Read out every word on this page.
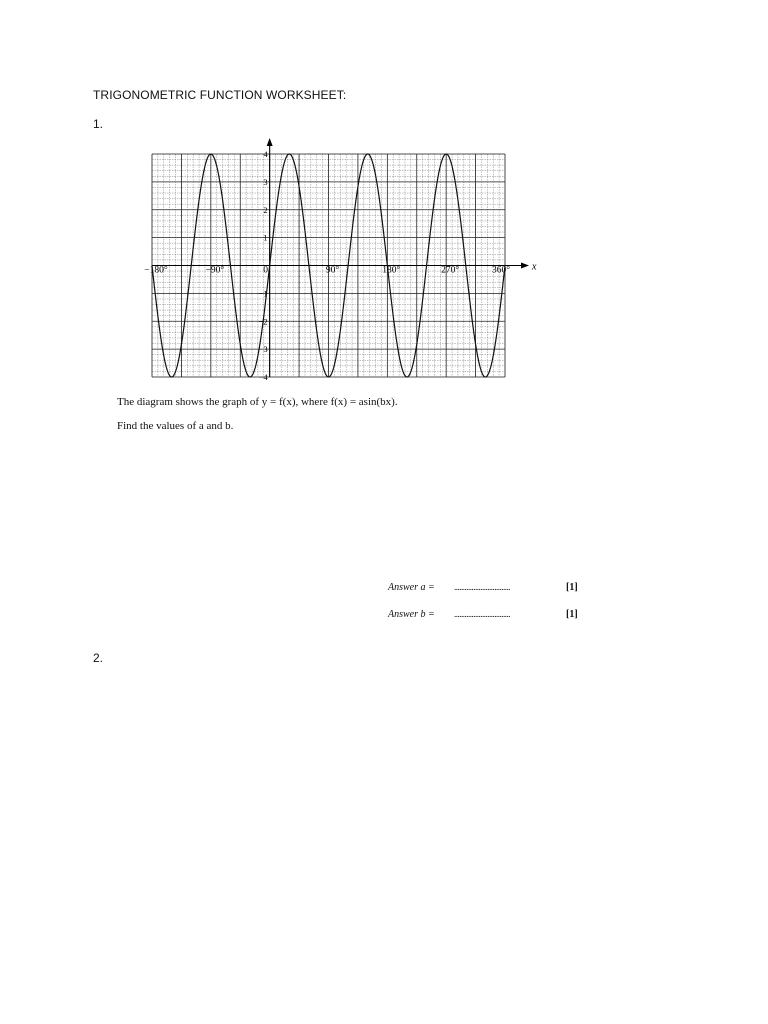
TRIGONOMETRIC FUNCTION WORKSHEET:
1.
x
−180°	−90°	0	90°	180°	270°	360°
4
3
2
1
−1
−2
−3
−4
The diagram shows the graph of y = f(x), where f(x) = asin(bx).
Find the values of a and b.
Answer a = ................................	[1]
Answer b = ................................	[1]
2.
